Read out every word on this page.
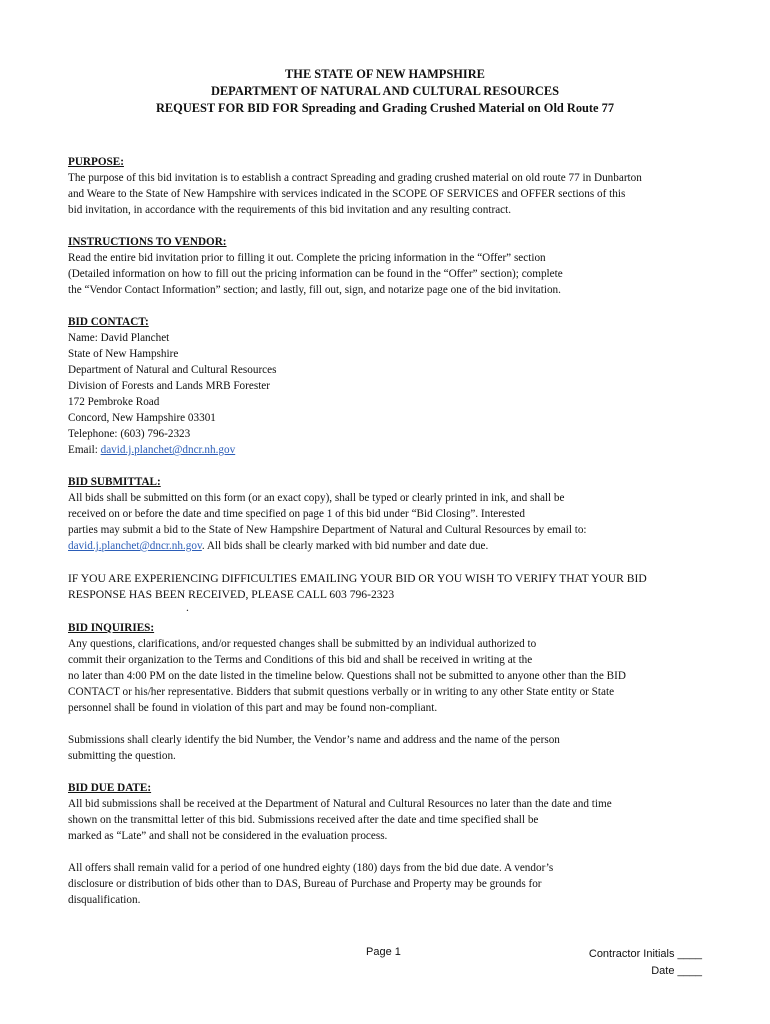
THE STATE OF NEW HAMPSHIRE
DEPARTMENT OF NATURAL AND CULTURAL RESOURCES
REQUEST FOR BID FOR Spreading and Grading Crushed Material on Old Route 77
PURPOSE:
The purpose of this bid invitation is to establish a contract Spreading and grading crushed material on old route 77 in Dunbarton
and Weare to the State of New Hampshire with services indicated in the SCOPE OF SERVICES and OFFER sections of this
bid invitation, in accordance with the requirements of this bid invitation and any resulting contract.
INSTRUCTIONS TO VENDOR:
Read the entire bid invitation prior to filling it out. Complete the pricing information in the “Offer” section
(Detailed information on how to fill out the pricing information can be found in the “Offer” section); complete
the “Vendor Contact Information” section; and lastly, fill out, sign, and notarize page one of the bid invitation.
BID CONTACT:
Name: David Planchet
State of New Hampshire
Department of Natural and Cultural Resources
Division of Forests and Lands MRB Forester
172 Pembroke Road
Concord, New Hampshire 03301
Telephone: (603) 796-2323
Email: david.j.planchet@dncr.nh.gov
BID SUBMITTAL:
All bids shall be submitted on this form (or an exact copy), shall be typed or clearly printed in ink, and shall be
received on or before the date and time specified on page 1 of this bid under “Bid Closing”. Interested
parties may submit a bid to the State of New Hampshire Department of Natural and Cultural Resources by email to:
david.j.planchet@dncr.nh.gov. All bids shall be clearly marked with bid number and date due.
IF YOU ARE EXPERIENCING DIFFICULTIES EMAILING YOUR BID OR YOU WISH TO VERIFY THAT YOUR BID
RESPONSE HAS BEEN RECEIVED, PLEASE CALL 603 796-2323
.
BID INQUIRIES:
Any questions, clarifications, and/or requested changes shall be submitted by an individual authorized to
commit their organization to the Terms and Conditions of this bid and shall be received in writing at the
no later than 4:00 PM on the date listed in the timeline below. Questions shall not be submitted to anyone other than the BID
CONTACT or his/her representative. Bidders that submit questions verbally or in writing to any other State entity or State
personnel shall be found in violation of this part and may be found non-compliant.
Submissions shall clearly identify the bid Number, the Vendor’s name and address and the name of the person
submitting the question.
BID DUE DATE:
All bid submissions shall be received at the Department of Natural and Cultural Resources no later than the date and time
shown on the transmittal letter of this bid. Submissions received after the date and time specified shall be
marked as “Late” and shall not be considered in the evaluation process.
All offers shall remain valid for a period of one hundred eighty (180) days from the bid due date. A vendor’s
disclosure or distribution of bids other than to DAS, Bureau of Purchase and Property may be grounds for
disqualification.
Page 1	Contractor Initials ____
Date ____
